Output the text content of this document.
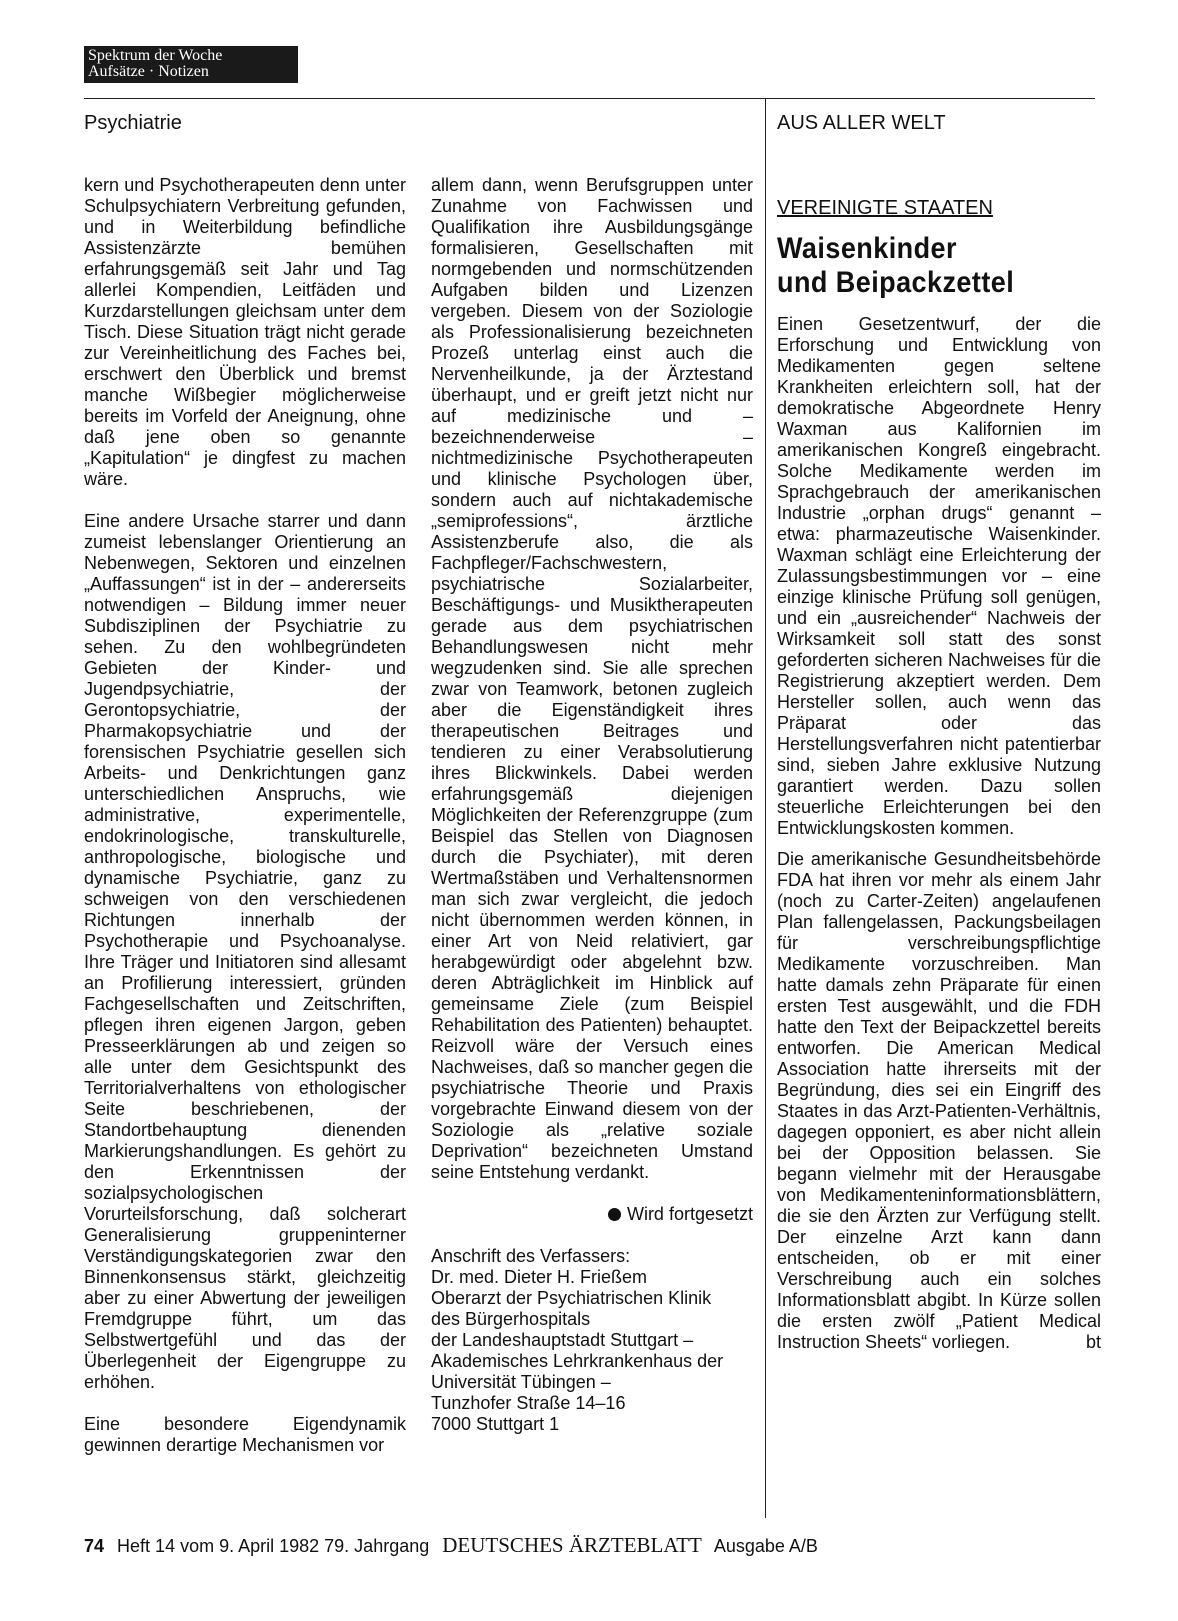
Spektrum der Woche
Aufsätze · Notizen
Psychiatrie	AUS ALLER WELT

kern und Psychotherapeuten denn unter Schulpsychiatern Verbreitung gefunden, und in Weiterbildung befindliche Assistenzärzte bemühen erfahrungsgemäß seit Jahr und Tag allerlei Kompendien, Leitfäden und Kurzdarstellungen gleichsam unter dem Tisch. Diese Situation trägt nicht gerade zur Vereinheitlichung des Faches bei, erschwert den Überblick und bremst manche Wißbegier möglicherweise bereits im Vorfeld der Aneignung, ohne daß jene oben so genannte „Kapitulation“ je dingfest zu machen wäre.

Eine andere Ursache starrer und dann zumeist lebenslanger Orientierung an Nebenwegen, Sektoren und einzelnen „Auffassungen“ ist in der – andererseits notwendigen – Bildung immer neuer Subdisziplinen der Psychiatrie zu sehen. Zu den wohlbegründeten Gebieten der Kinder- und Jugendpsychiatrie, der Gerontopsychiatrie, der Pharmakopsychiatrie und der forensischen Psychiatrie gesellen sich Arbeits- und Denkrichtungen ganz unterschiedlichen Anspruchs, wie administrative, experimentelle, endokrinologische, transkulturelle, anthropologische, biologische und dynamische Psychiatrie, ganz zu schweigen von den verschiedenen Richtungen innerhalb der Psychotherapie und Psychoanalyse. Ihre Träger und Initiatoren sind allesamt an Profilierung interessiert, gründen Fachgesellschaften und Zeitschriften, pflegen ihren eigenen Jargon, geben Presseerklärungen ab und zeigen so alle unter dem Gesichtspunkt des Territorialverhaltens von ethologischer Seite beschriebenen, der Standortbehauptung dienenden Markierungshandlungen. Es gehört zu den Erkenntnissen der sozialpsychologischen Vorurteilsforschung, daß solcherart Generalisierung gruppeninterner Verständigungskategorien zwar den Binnenkonsensus stärkt, gleichzeitig aber zu einer Abwertung der jeweiligen Fremdgruppe führt, um das Selbstwertgefühl und das der Überlegenheit der Eigengruppe zu erhöhen.

Eine besondere Eigendynamik gewinnen derartige Mechanismen vor

allem dann, wenn Berufsgruppen unter Zunahme von Fachwissen und Qualifikation ihre Ausbildungsgänge formalisieren, Gesellschaften mit normgebenden und normschützenden Aufgaben bilden und Lizenzen vergeben. Diesem von der Soziologie als Professionalisierung bezeichneten Prozeß unterlag einst auch die Nervenheilkunde, ja der Ärztestand überhaupt, und er greift jetzt nicht nur auf medizinische und – bezeichnenderweise – nichtmedizinische Psychotherapeuten und klinische Psychologen über, sondern auch auf nichtakademische „semiprofessions“, ärztliche Assistenzberufe also, die als Fachpfleger/Fachschwestern, psychiatrische Sozialarbeiter, Beschäftigungs- und Musiktherapeuten gerade aus dem psychiatrischen Behandlungswesen nicht mehr wegzudenken sind. Sie alle sprechen zwar von Teamwork, betonen zugleich aber die Eigenständigkeit ihres therapeutischen Beitrages und tendieren zu einer Verabsolutierung ihres Blickwinkels. Dabei werden erfahrungsgemäß diejenigen Möglichkeiten der Referenzgruppe (zum Beispiel das Stellen von Diagnosen durch die Psychiater), mit deren Wertmaßstäben und Verhaltensnormen man sich zwar vergleicht, die jedoch nicht übernommen werden können, in einer Art von Neid relativiert, gar herabgewürdigt oder abgelehnt bzw. deren Abträglichkeit im Hinblick auf gemeinsame Ziele (zum Beispiel Rehabilitation des Patienten) behauptet. Reizvoll wäre der Versuch eines Nachweises, daß so mancher gegen die psychiatrische Theorie und Praxis vorgebrachte Einwand diesem von der Soziologie als „relative soziale Deprivation“ bezeichneten Umstand seine Entstehung verdankt.

Wird fortgesetzt
Anschrift des Verfassers:
Dr. med. Dieter H. Frießem
Oberarzt der Psychiatrischen Klinik
des Bürgerhospitals
der Landeshauptstadt Stuttgart –
Akademisches Lehrkrankenhaus der
Universität Tübingen –
Tunzhofer Straße 14–16
7000 Stuttgart 1
VEREINIGTE STAATEN
Waisenkinder
und Beipackzettel

Einen Gesetzentwurf, der die Erforschung und Entwicklung von Medikamenten gegen seltene Krankheiten erleichtern soll, hat der demokratische Abgeordnete Henry Waxman aus Kalifornien im amerikanischen Kongreß eingebracht. Solche Medikamente werden im Sprachgebrauch der amerikanischen Industrie „orphan drugs“ genannt – etwa: pharmazeutische Waisenkinder. Waxman schlägt eine Erleichterung der Zulassungsbestimmungen vor – eine einzige klinische Prüfung soll genügen, und ein „ausreichender“ Nachweis der Wirksamkeit soll statt des sonst geforderten sicheren Nachweises für die Registrierung akzeptiert werden. Dem Hersteller sollen, auch wenn das Präparat oder das Herstellungsverfahren nicht patentierbar sind, sieben Jahre exklusive Nutzung garantiert werden. Dazu sollen steuerliche Erleichterungen bei den Entwicklungskosten kommen.

Die amerikanische Gesundheitsbehörde FDA hat ihren vor mehr als einem Jahr (noch zu Carter-Zeiten) angelaufenen Plan fallengelassen, Packungsbeilagen für verschreibungspflichtige Medikamente vorzuschreiben. Man hatte damals zehn Präparate für einen ersten Test ausgewählt, und die FDH hatte den Text der Beipackzettel bereits entworfen. Die American Medical Association hatte ihrerseits mit der Begründung, dies sei ein Eingriff des Staates in das Arzt-Patienten-Verhältnis, dagegen opponiert, es aber nicht allein bei der Opposition belassen. Sie begann vielmehr mit der Herausgabe von Medikamenteninformationsblättern, die sie den Ärzten zur Verfügung stellt. Der einzelne Arzt kann dann entscheiden, ob er mit einer Verschreibung auch ein solches Informationsblatt abgibt. In Kürze sollen die ersten zwölf „Patient Medical Instruction Sheets“ vorliegen.	bt

74 Heft 14 vom 9. April 1982 79. Jahrgang DEUTSCHES ÄRZTEBLATT Ausgabe A/B
